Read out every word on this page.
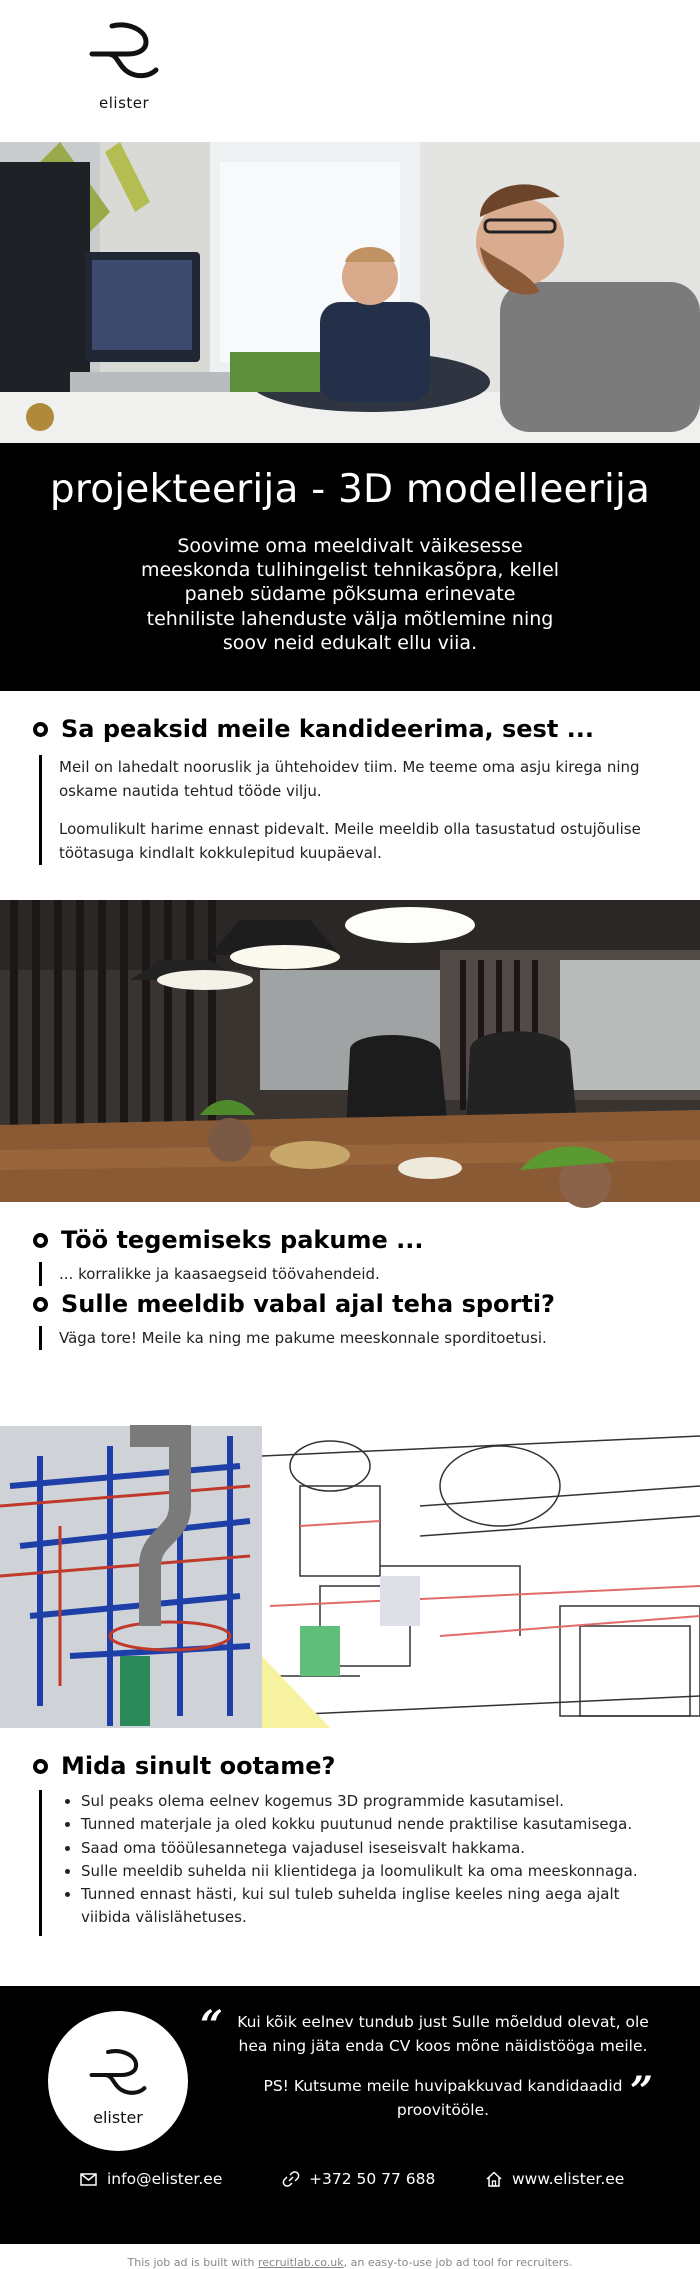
elister
projekteerija - 3D modelleerija

Soovime oma meeldivalt väikesesse meeskonda tulihingelist tehnikasõpra, kellel paneb südame põksuma erinevate tehniliste lahenduste välja mõtlemine ning soov neid edukalt ellu viia.

Sa peaksid meile kandideerima, sest ...

Meil on lahedalt nooruslik ja ühtehoidev tiim. Me teeme oma asju kirega ning oskame nautida tehtud tööde vilju.

Loomulikult harime ennast pidevalt. Meile meeldib olla tasustatud ostujõulise töötasuga kindlalt kokkulepitud kuupäeval.

Töö tegemiseks pakume ...

... korralikke ja kaasaegseid töövahendeid.

Sulle meeldib vabal ajal teha sporti?

Väga tore! Meile ka ning me pakume meeskonnale sporditoetusi.

Mida sinult ootame?
• Sul peaks olema eelnev kogemus 3D programmide kasutamisel.
• Tunned materjale ja oled kokku puutunud nende praktilise kasutamisega.
• Saad oma tööülesannetega vajadusel iseseisvalt hakkama.
• Sulle meeldib suhelda nii klientidega ja loomulikult ka oma meeskonnaga.
• Tunned ennast hästi, kui sul tuleb suhelda inglise keeles ning aega ajalt viibida välislähetuses.
elister
“
”

Kui kõik eelnev tundub just Sulle mõeldud olevat, ole hea ning jäta enda CV koos mõne näidistööga meile.

PS! Kutsume meile huvipakkuvad kandidaadid proovitööle.

info@elister.ee	+372 50 77 688	www.elister.ee
This job ad is built with recruitlab.co.uk, an easy-to-use job ad tool for recruiters.
